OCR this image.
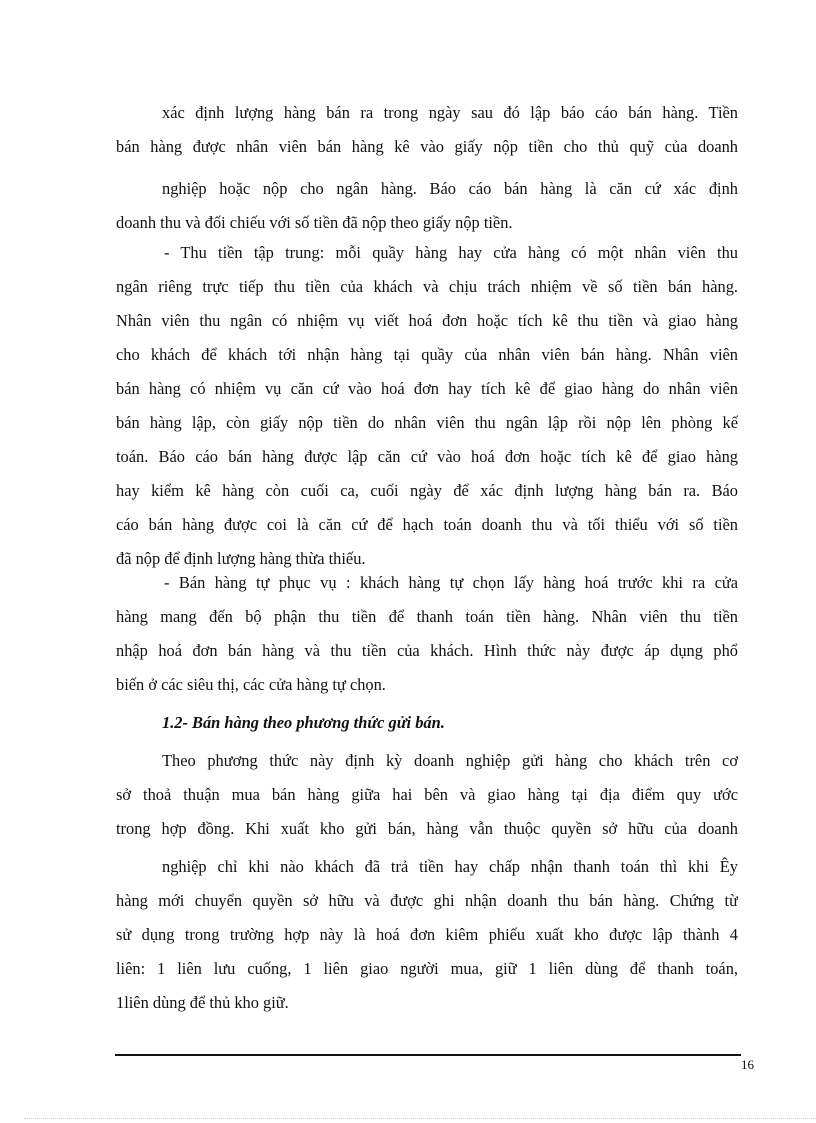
xác định lượng hàng bán ra trong ngày sau đó lập báo cáo bán hàng. Tiền
bán hàng được nhân viên bán hàng kê vào giấy nộp tiền cho thủ quỹ của doanh
nghiệp hoặc nộp cho ngân hàng. Báo cáo bán hàng là căn cứ xác định
doanh thu và đối chiếu với số tiền đã nộp theo giấy nộp tiền.
- Thu tiền tập trung: mỗi quầy hàng hay cửa hàng có một nhân viên thu
ngân riêng trực tiếp thu tiền của khách và chịu trách nhiệm về số tiền bán hàng.
Nhân viên thu ngân có nhiệm vụ viết hoá đơn hoặc tích kê thu tiền và giao hàng
cho khách để khách tới nhận hàng tại quầy của nhân viên bán hàng. Nhân viên
bán hàng có nhiệm vụ căn cứ vào hoá đơn hay tích kê để giao hàng do nhân viên
bán hàng lập, còn giấy nộp tiền do nhân viên thu ngân lập rồi nộp lên phòng kế
toán. Báo cáo bán hàng được lập căn cứ vào hoá đơn hoặc tích kê để giao hàng
hay kiểm kê hàng còn cuối ca, cuối ngày để xác định lượng hàng bán ra. Báo
cáo bán hàng được coi là căn cứ để hạch toán doanh thu và tối thiểu với số tiền
đã nộp để định lượng hàng thừa thiếu.
- Bán hàng tự phục vụ : khách hàng tự chọn lấy hàng hoá trước khi ra cửa
hàng mang đến bộ phận thu tiền để thanh toán tiền hàng. Nhân viên thu tiền
nhập hoá đơn bán hàng và thu tiền của khách. Hình thức này được áp dụng phổ
biến ở các siêu thị, các cửa hàng tự chọn.
1.2- Bán hàng theo phương thức gửi bán.
Theo phương thức này định kỳ doanh nghiệp gửi hàng cho khách trên cơ
sở thoả thuận mua bán hàng giữa hai bên và giao hàng tại địa điểm quy ước
trong hợp đồng. Khi xuất kho gửi bán, hàng vẫn thuộc quyền sở hữu của doanh
nghiệp chỉ khi nào khách đã trả tiền hay chấp nhận thanh toán thì khi Êy
hàng mới chuyển quyền sở hữu và được ghi nhận doanh thu bán hàng. Chứng từ
sử dụng trong trường hợp này là hoá đơn kiêm phiếu xuất kho được lập thành 4
liên: 1 liên lưu cuống, 1 liên giao người mua, giữ 1 liên dùng để thanh toán,
1liên dùng để thủ kho giữ.
16
